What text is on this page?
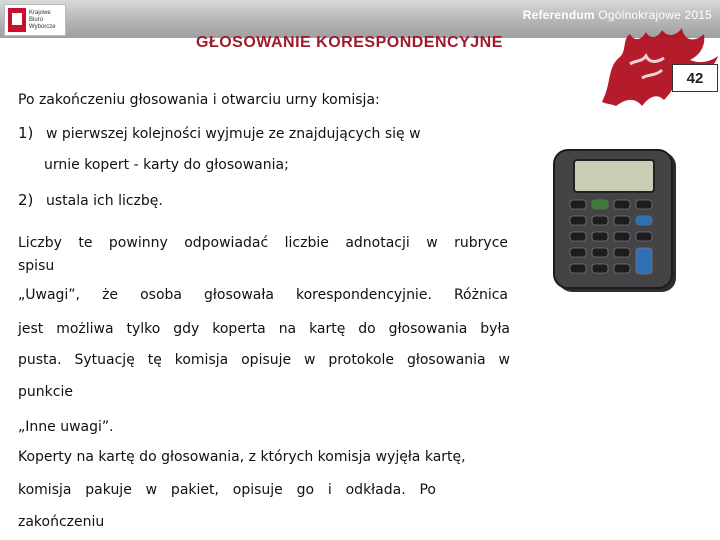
Krajowe
Biuro
Wyborcze
Referendum Ogólnokrajowe 2015
GŁOSOWANIE KORESPONDENCYJNE
42
Po zakończeniu głosowania i otwarciu urny komisja:
1) w pierwszej kolejności wyjmuje ze znajdujących się w
urnie kopert - karty do głosowania;
2) ustala ich liczbę.
Liczby te powinny odpowiadać liczbie adnotacji w rubryce
spisu
„Uwagi”, że osoba głosowała korespondencyjnie. Różnica
jest możliwa tylko gdy koperta na kartę do głosowania była
pusta. Sytuację tę komisja opisuje w protokole głosowania w
punkcie
„Inne uwagi”.
Koperty na kartę do głosowania, z których komisja wyjęła kartę,
komisja pakuje w pakiet, opisuje go i odkłada. Po
zakończeniu
